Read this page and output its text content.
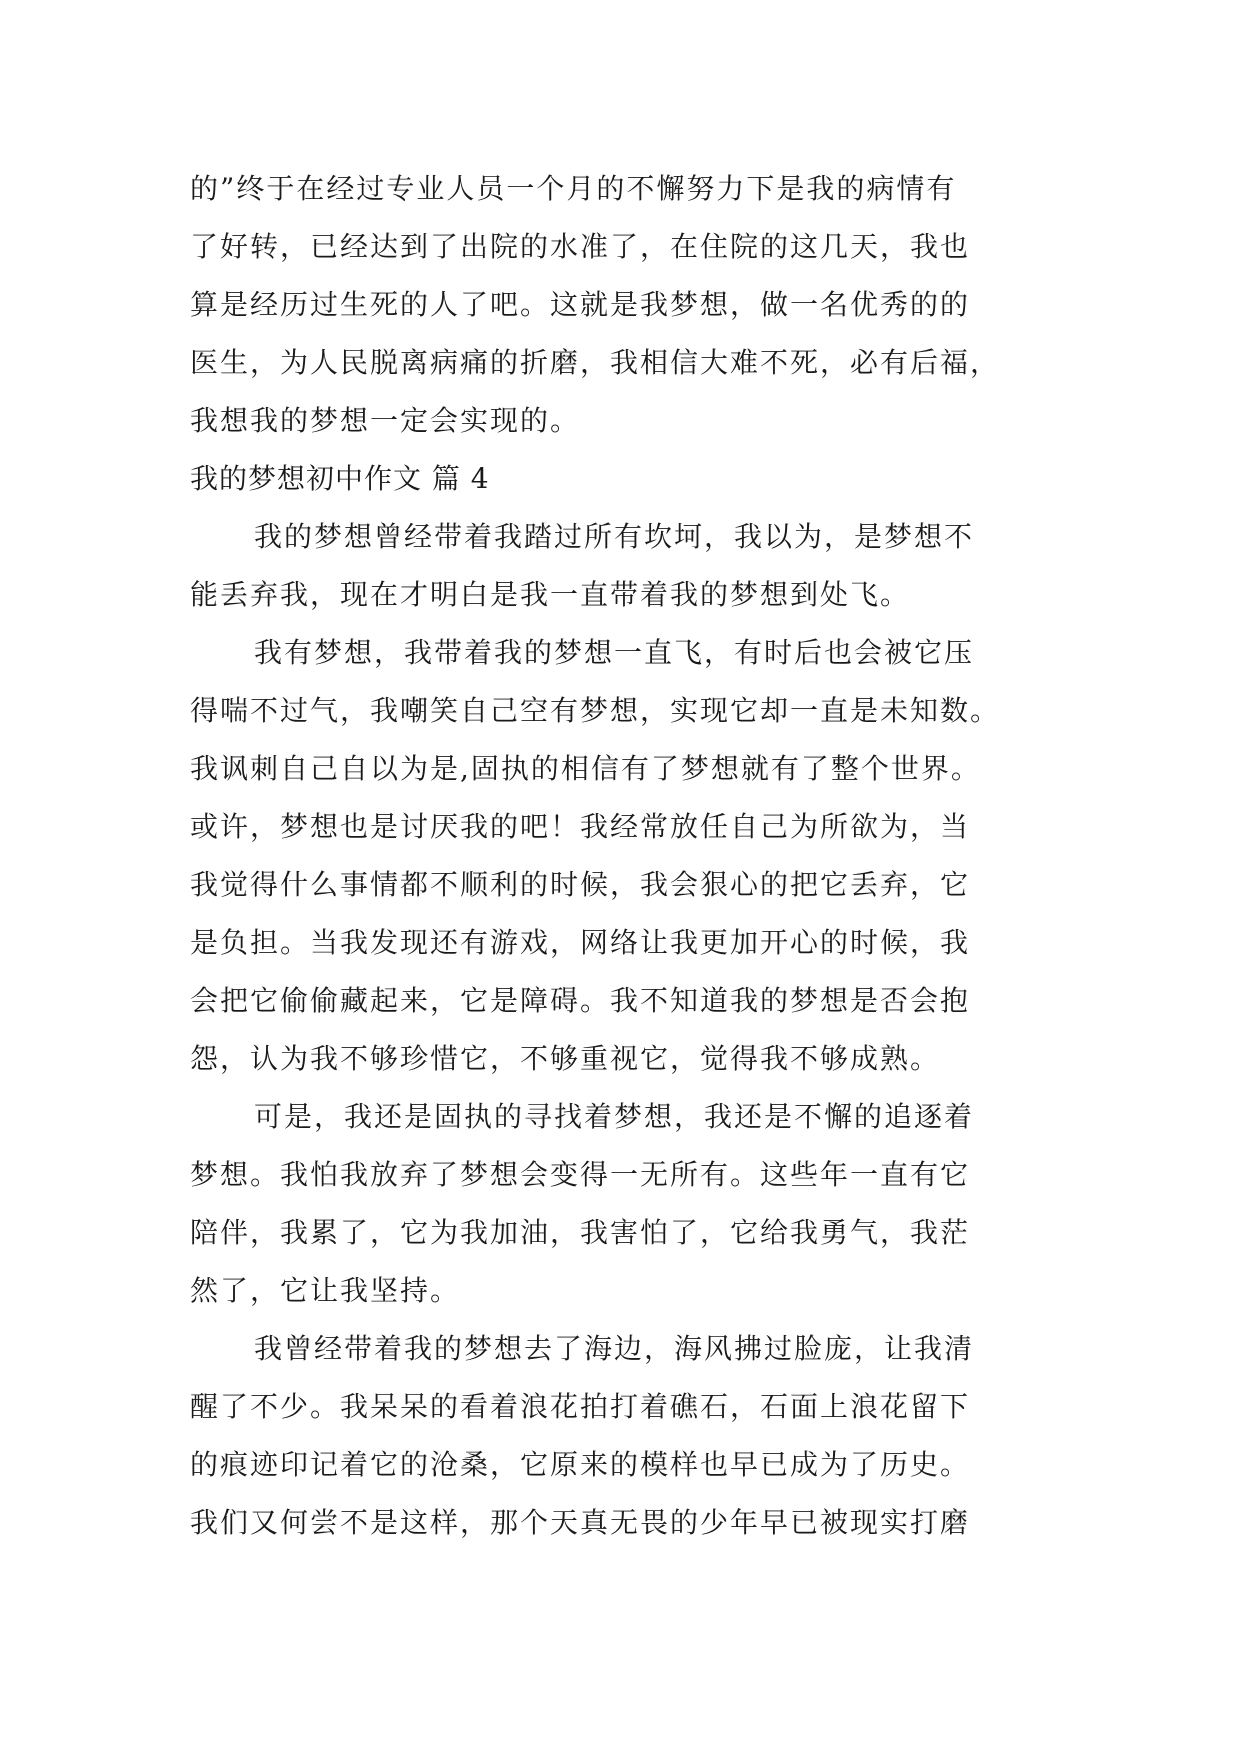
的”终于在经过专业人员一个月的不懈努力下是我的病情有
了好转，已经达到了出院的水准了，在住院的这几天，我也
算是经历过生死的人了吧。这就是我梦想，做一名优秀的的
医生，为人民脱离病痛的折磨，我相信大难不死，必有后福，
我想我的梦想一定会实现的。
我的梦想初中作文 篇 4
我的梦想曾经带着我踏过所有坎坷，我以为，是梦想不
能丢弃我，现在才明白是我一直带着我的梦想到处飞。
我有梦想，我带着我的梦想一直飞，有时后也会被它压
得喘不过气，我嘲笑自己空有梦想，实现它却一直是未知数。
我讽刺自己自以为是,固执的相信有了梦想就有了整个世界。
或许，梦想也是讨厌我的吧！我经常放任自己为所欲为，当
我觉得什么事情都不顺利的时候，我会狠心的把它丢弃，它
是负担。当我发现还有游戏，网络让我更加开心的时候，我
会把它偷偷藏起来，它是障碍。我不知道我的梦想是否会抱
怨，认为我不够珍惜它，不够重视它，觉得我不够成熟。
可是，我还是固执的寻找着梦想，我还是不懈的追逐着
梦想。我怕我放弃了梦想会变得一无所有。这些年一直有它
陪伴，我累了，它为我加油，我害怕了，它给我勇气，我茫
然了，它让我坚持。
我曾经带着我的梦想去了海边，海风拂过脸庞，让我清
醒了不少。我呆呆的看着浪花拍打着礁石，石面上浪花留下
的痕迹印记着它的沧桑，它原来的模样也早已成为了历史。
我们又何尝不是这样，那个天真无畏的少年早已被现实打磨
